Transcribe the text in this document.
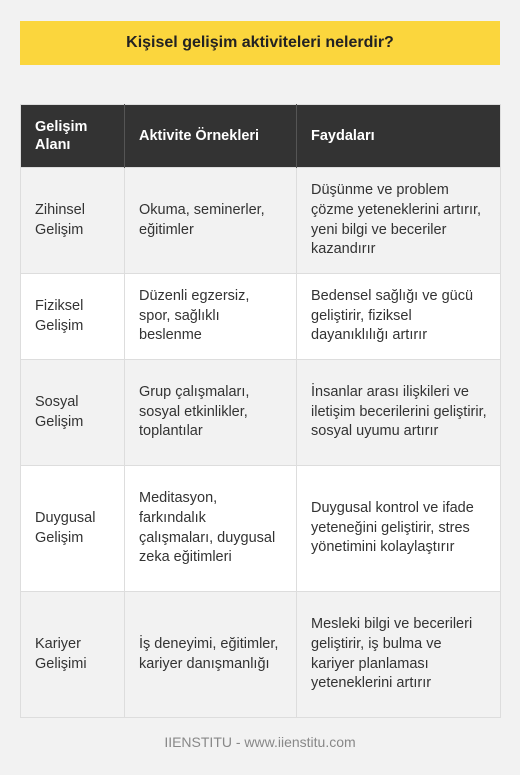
Kişisel gelişim aktiviteleri nelerdir?
Gelişim Alanı	Aktivite Örnekleri	Faydaları
Zihinsel Gelişim	Okuma, seminerler, eğitimler	Düşünme ve problem çözme yeteneklerini artırır, yeni bilgi ve beceriler kazandırır
Fiziksel Gelişim	Düzenli egzersiz, spor, sağlıklı beslenme	Bedensel sağlığı ve gücü geliştirir, fiziksel dayanıklılığı artırır
Sosyal Gelişim	Grup çalışmaları, sosyal etkinlikler, toplantılar	İnsanlar arası ilişkileri ve iletişim becerilerini geliştirir, sosyal uyumu artırır
Duygusal Gelişim	Meditasyon, farkındalık çalışmaları, duygusal zeka eğitimleri	Duygusal kontrol ve ifade yeteneğini geliştirir, stres yönetimini kolaylaştırır
Kariyer Gelişimi	İş deneyimi, eğitimler, kariyer danışmanlığı	Mesleki bilgi ve becerileri geliştirir, iş bulma ve kariyer planlaması yeteneklerini artırır
IIENSTITU - www.iienstitu.com
